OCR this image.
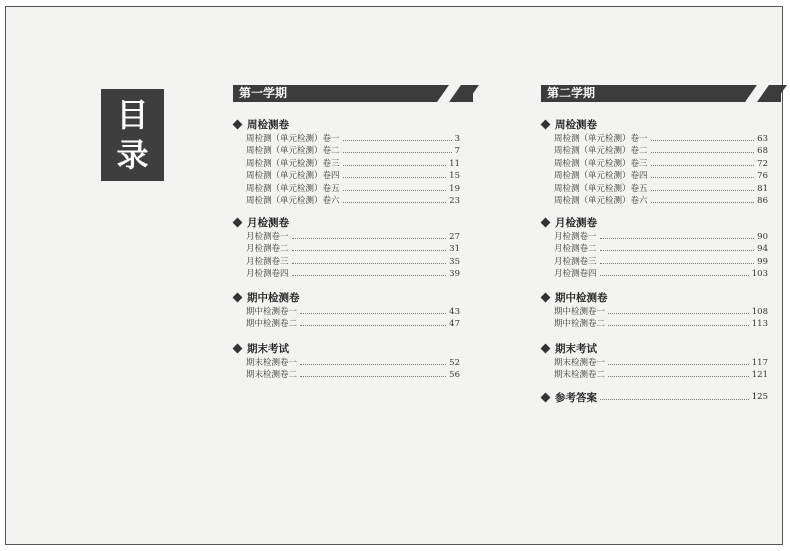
目
录
第一学期
周检测卷
周检测（单元检测）卷一	3
周检测（单元检测）卷二	7
周检测（单元检测）卷三	11
周检测（单元检测）卷四	15
周检测（单元检测）卷五	19
周检测（单元检测）卷六	23
月检测卷
月检测卷一	27
月检测卷二	31
月检测卷三	35
月检测卷四	39
期中检测卷
期中检测卷一	43
期中检测卷二	47
期末考试
期末检测卷一	52
期末检测卷二	56
第二学期
周检测卷
周检测（单元检测）卷一	63
周检测（单元检测）卷二	68
周检测（单元检测）卷三	72
周检测（单元检测）卷四	76
周检测（单元检测）卷五	81
周检测（单元检测）卷六	86
月检测卷
月检测卷一	90
月检测卷二	94
月检测卷三	99
月检测卷四	103
期中检测卷
期中检测卷一	108
期中检测卷二	113
期末考试
期末检测卷一	117
期末检测卷二	121
参考答案	125
